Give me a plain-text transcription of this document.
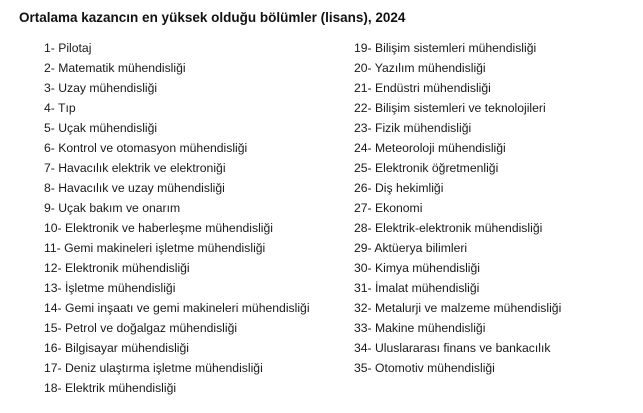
Ortalama kazancın en yüksek olduğu bölümler (lisans), 2024
1- Pilotaj
2- Matematik mühendisliği
3- Uzay mühendisliği
4- Tıp
5- Uçak mühendisliği
6- Kontrol ve otomasyon mühendisliği
7- Havacılık elektrik ve elektroniği
8- Havacılık ve uzay mühendisliği
9- Uçak bakım ve onarım
10- Elektronik ve haberleşme mühendisliği
11- Gemi makineleri işletme mühendisliği
12- Elektronik mühendisliği
13- İşletme mühendisliği
14- Gemi inşaatı ve gemi makineleri mühendisliği
15- Petrol ve doğalgaz mühendisliği
16- Bilgisayar mühendisliği
17- Deniz ulaştırma işletme mühendisliği
18- Elektrik mühendisliği
19- Bilişim sistemleri mühendisliği
20- Yazılım mühendisliği
21- Endüstri mühendisliği
22- Bilişim sistemleri ve teknolojileri
23- Fizik mühendisliği
24- Meteoroloji mühendisliği
25- Elektronik öğretmenliği
26- Diş hekimliği
27- Ekonomi
28- Elektrik-elektronik mühendisliği
29- Aktüerya bilimleri
30- Kimya mühendisliği
31- İmalat mühendisliği
32- Metalurji ve malzeme mühendisliği
33- Makine mühendisliği
34- Uluslararası finans ve bankacılık
35- Otomotiv mühendisliği
